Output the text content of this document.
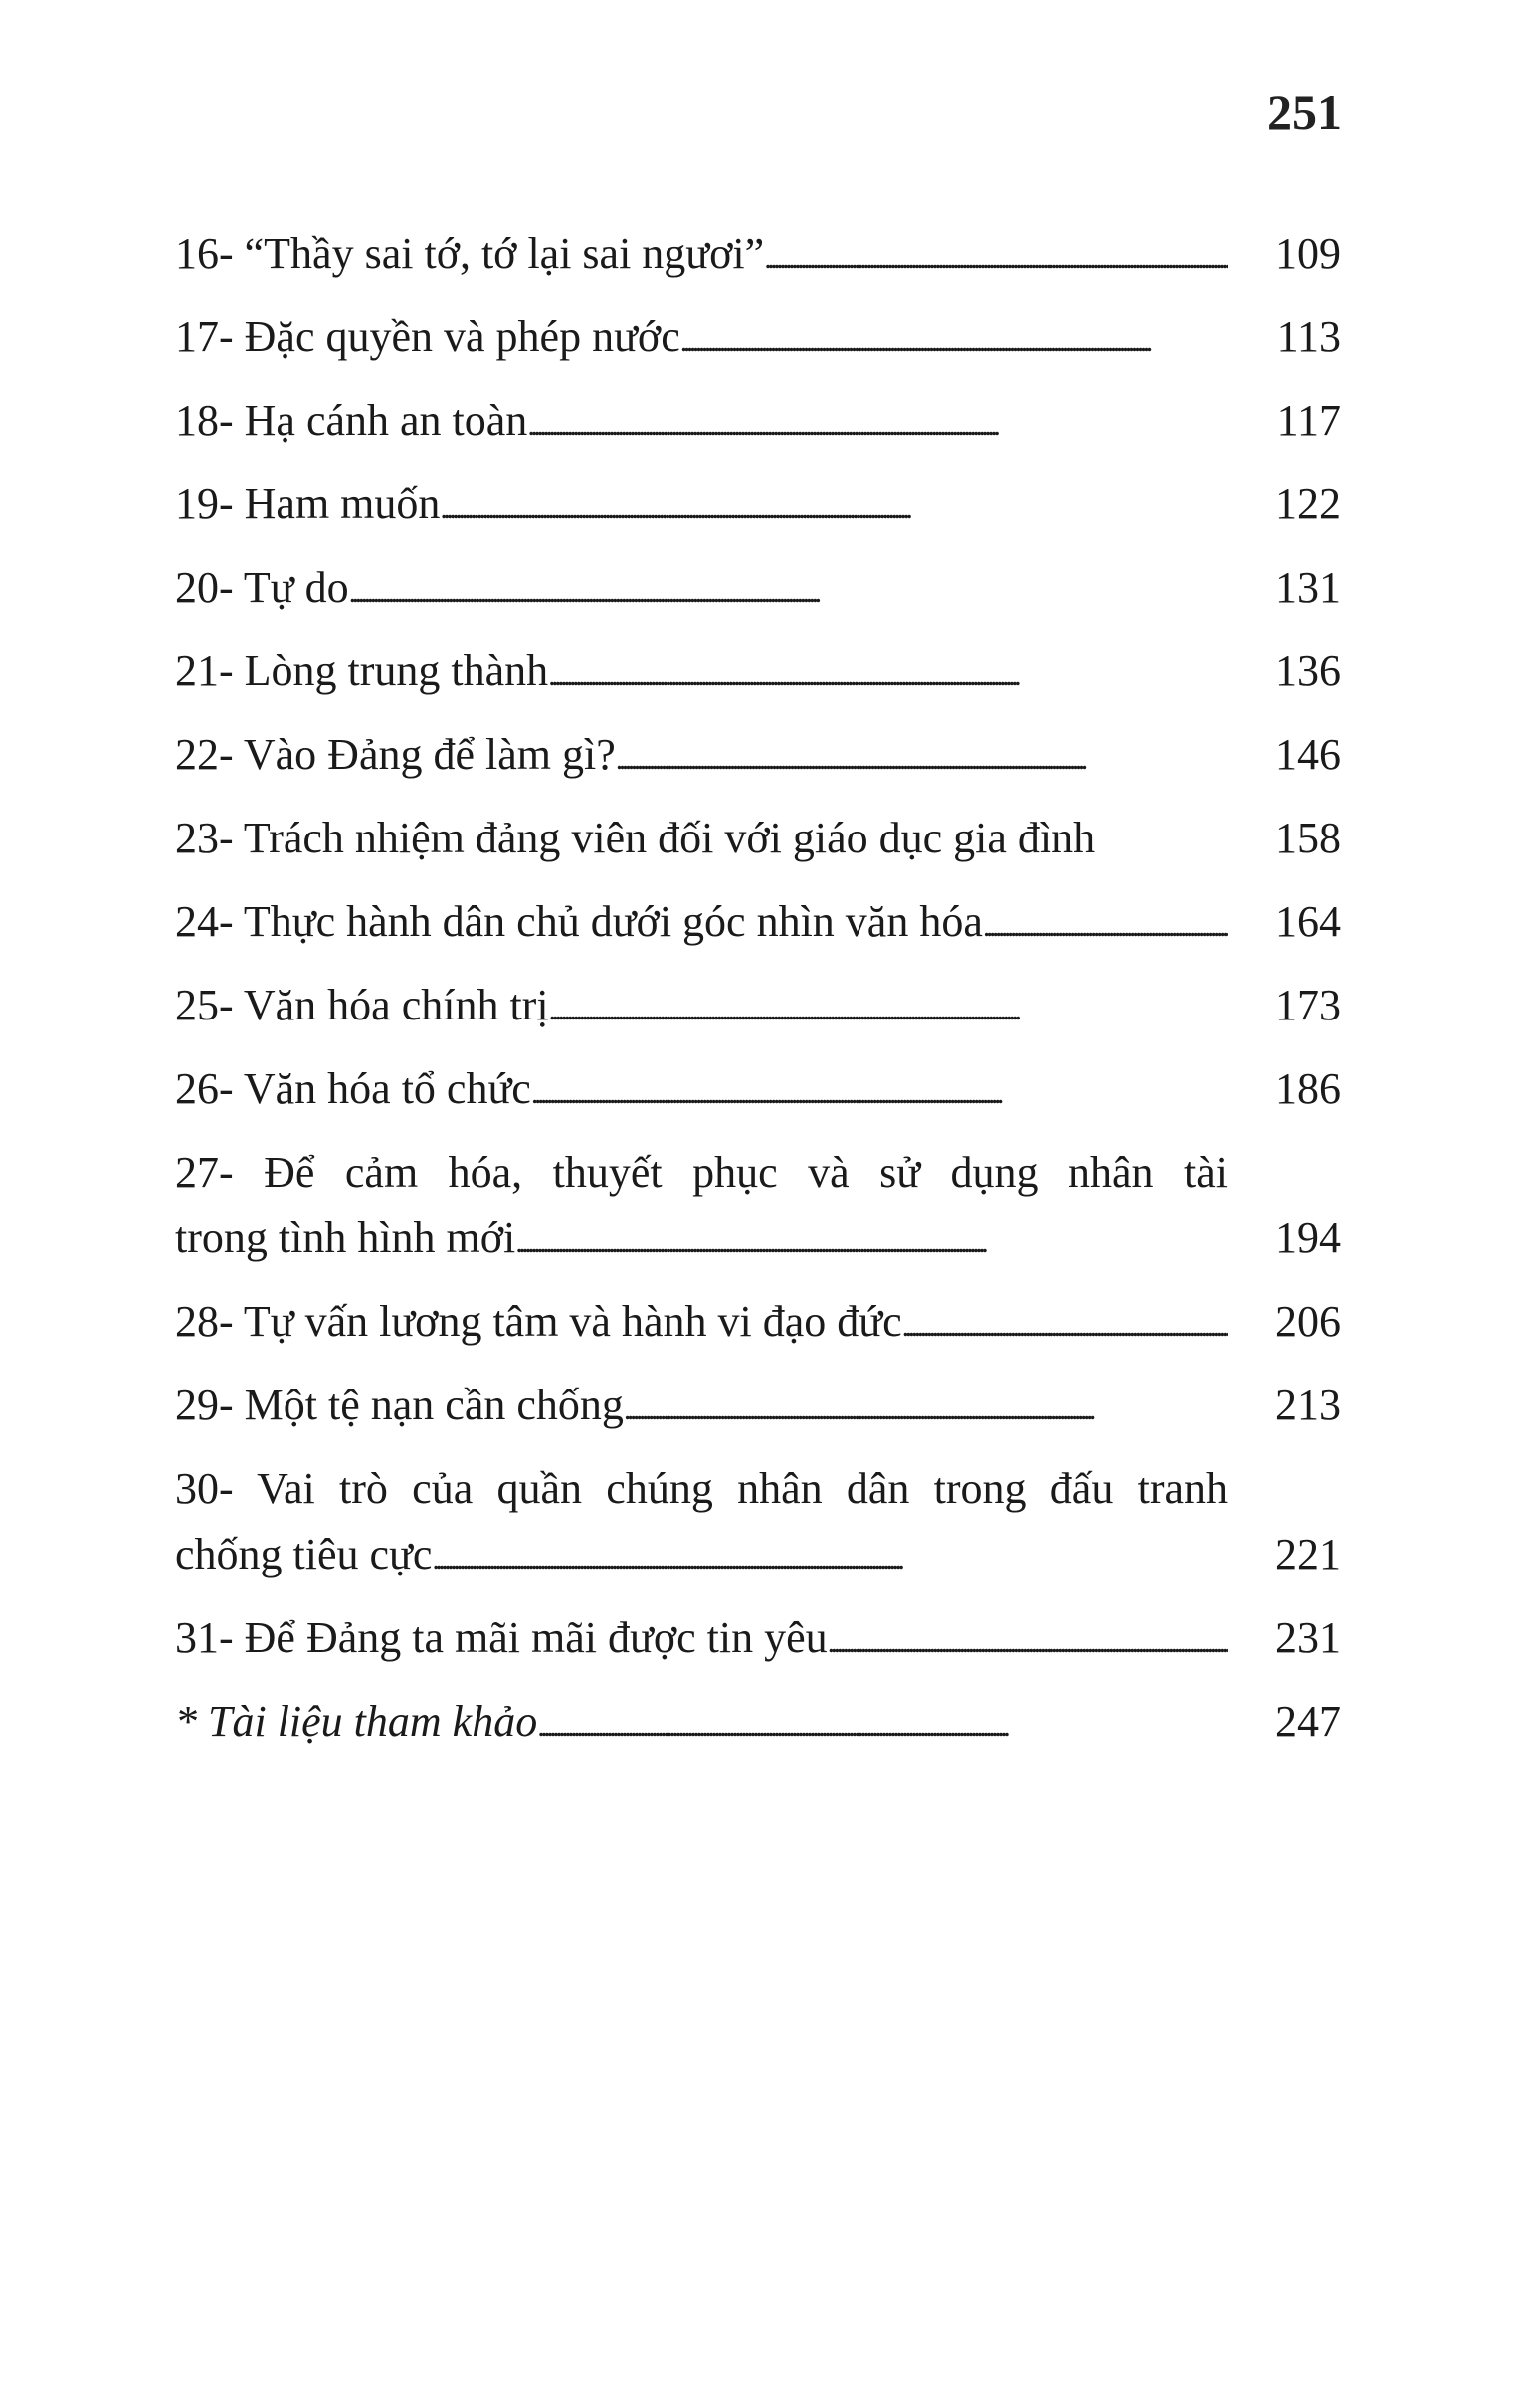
251
16- “Thầy sai tớ, tớ lại sai ngươi” . . .	109
17- Đặc quyền và phép nước . . .	113
18- Hạ cánh an toàn . . .	117
19- Ham muốn . . .	122
20- Tự do . . .	131
21- Lòng trung thành . . .	136
22- Vào Đảng để làm gì? . . .	146
23- Trách nhiệm đảng viên đối với giáo dục gia đình	158
24- Thực hành dân chủ dưới góc nhìn văn hóa . . .	164
25- Văn hóa chính trị . . .	173
26- Văn hóa tổ chức . . .	186
27- Để cảm hóa, thuyết phục và sử dụng nhân tài
trong tình hình mới . . .	194
28- Tự vấn lương tâm và hành vi đạo đức . . .	206
29- Một tệ nạn cần chống . . .	213
30- Vai trò của quần chúng nhân dân trong đấu tranh
chống tiêu cực . . .	221
31- Để Đảng ta mãi mãi được tin yêu . . .	231
* Tài liệu tham khảo . . .	247
